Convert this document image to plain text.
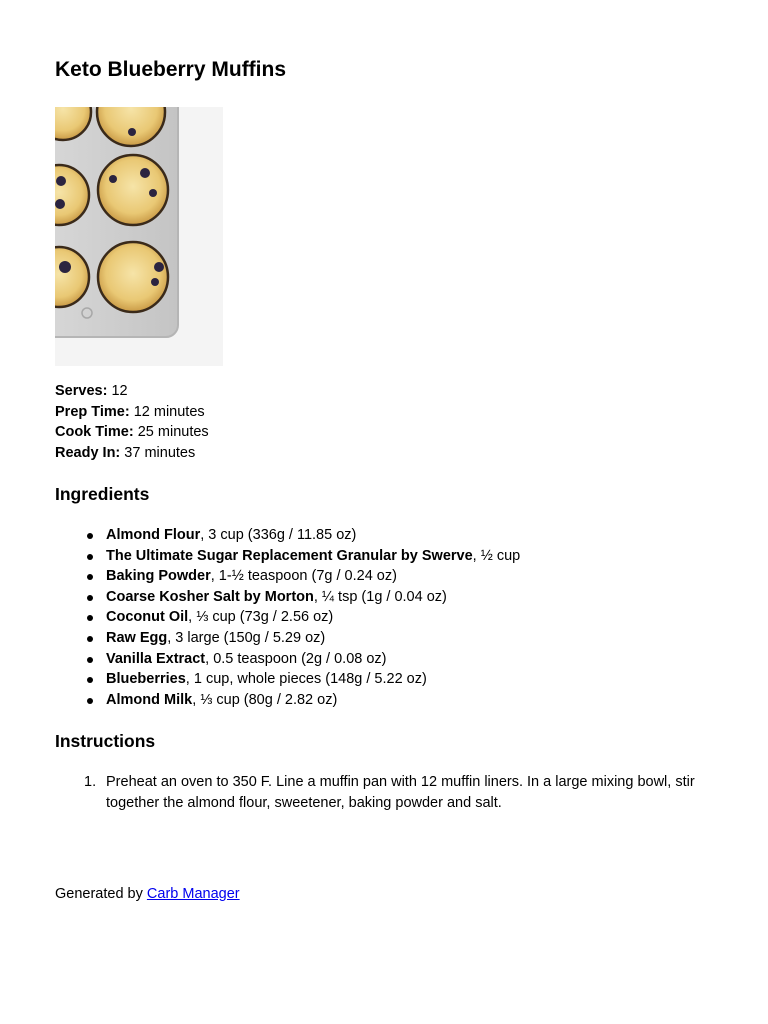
Keto Blueberry Muffins
Serves: 12
Prep Time: 12 minutes
Cook Time: 25 minutes
Ready In: 37 minutes
Ingredients
Almond Flour, 3 cup (336g / 11.85 oz)
The Ultimate Sugar Replacement Granular by Swerve, ½ cup
Baking Powder, 1-½ teaspoon (7g / 0.24 oz)
Coarse Kosher Salt by Morton, ¼ tsp (1g / 0.04 oz)
Coconut Oil, ⅓ cup (73g / 2.56 oz)
Raw Egg, 3 large (150g / 5.29 oz)
Vanilla Extract, 0.5 teaspoon (2g / 0.08 oz)
Blueberries, 1 cup, whole pieces (148g / 5.22 oz)
Almond Milk, ⅓ cup (80g / 2.82 oz)
Instructions
1. Preheat an oven to 350 F. Line a muffin pan with 12 muffin liners. In a large mixing bowl, stir together the almond flour, sweetener, baking powder and salt.
Generated by Carb Manager
